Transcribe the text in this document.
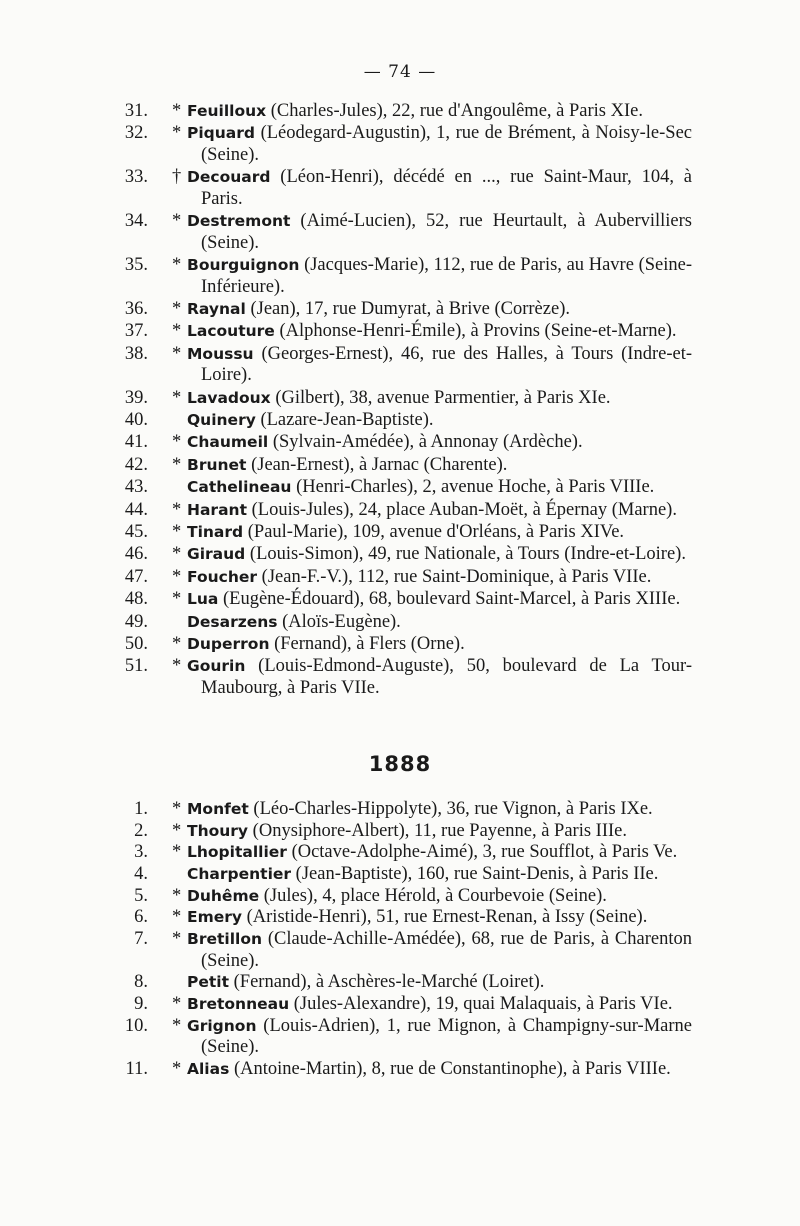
— 74 —
31. * Feuilloux (Charles-Jules), 22, rue d'Angoulême, à Paris XIe.
32. * Piquard (Léodegard-Augustin), 1, rue de Brément, à Noisy-le-Sec (Seine).
33. † Decouard (Léon-Henri), décédé en ..., rue Saint-Maur, 104, à Paris.
34. * Destremont (Aimé-Lucien), 52, rue Heurtault, à Aubervilliers (Seine).
35. * Bourguignon (Jacques-Marie), 112, rue de Paris, au Havre (Seine-Inférieure).
36. * Raynal (Jean), 17, rue Dumyrat, à Brive (Corrèze).
37. * Lacouture (Alphonse-Henri-Émile), à Provins (Seine-et-Marne).
38. * Moussu (Georges-Ernest), 46, rue des Halles, à Tours (Indre-et-Loire).
39. * Lavadoux (Gilbert), 38, avenue Parmentier, à Paris XIe.
40.	Quinery (Lazare-Jean-Baptiste).
41. * Chaumeil (Sylvain-Amédée), à Annonay (Ardèche).
42. * Brunet (Jean-Ernest), à Jarnac (Charente).
43.	Cathelineau (Henri-Charles), 2, avenue Hoche, à Paris VIIIe.
44. * Harant (Louis-Jules), 24, place Auban-Moët, à Épernay (Marne).
45. * Tinard (Paul-Marie), 109, avenue d'Orléans, à Paris XIVe.
46. * Giraud (Louis-Simon), 49, rue Nationale, à Tours (Indre-et-Loire).
47. * Foucher (Jean-F.-V.), 112, rue Saint-Dominique, à Paris VIIe.
48. * Lua (Eugène-Édouard), 68, boulevard Saint-Marcel, à Paris XIIIe.
49.	Desarzens (Aloïs-Eugène).
50. * Duperron (Fernand), à Flers (Orne).
51. * Gourin (Louis-Edmond-Auguste), 50, boulevard de La Tour-Maubourg, à Paris VIIe.
1888
1. * Monfet (Léo-Charles-Hippolyte), 36, rue Vignon, à Paris IXe.
2. * Thoury (Onysiphore-Albert), 11, rue Payenne, à Paris IIIe.
3. * Lhopitallier (Octave-Adolphe-Aimé), 3, rue Soufflot, à Paris Ve.
4.	Charpentier (Jean-Baptiste), 160, rue Saint-Denis, à Paris IIe.
5. * Duhême (Jules), 4, place Hérold, à Courbevoie (Seine).
6. * Emery (Aristide-Henri), 51, rue Ernest-Renan, à Issy (Seine).
7. * Bretillon (Claude-Achille-Amédée), 68, rue de Paris, à Charenton (Seine).
8.	Petit (Fernand), à Aschères-le-Marché (Loiret).
9. * Bretonneau (Jules-Alexandre), 19, quai Malaquais, à Paris VIe.
10. * Grignon (Louis-Adrien), 1, rue Mignon, à Champigny-sur-Marne (Seine).
11. * Alias (Antoine-Martin), 8, rue de Constantinophe), à Paris VIIIe.
